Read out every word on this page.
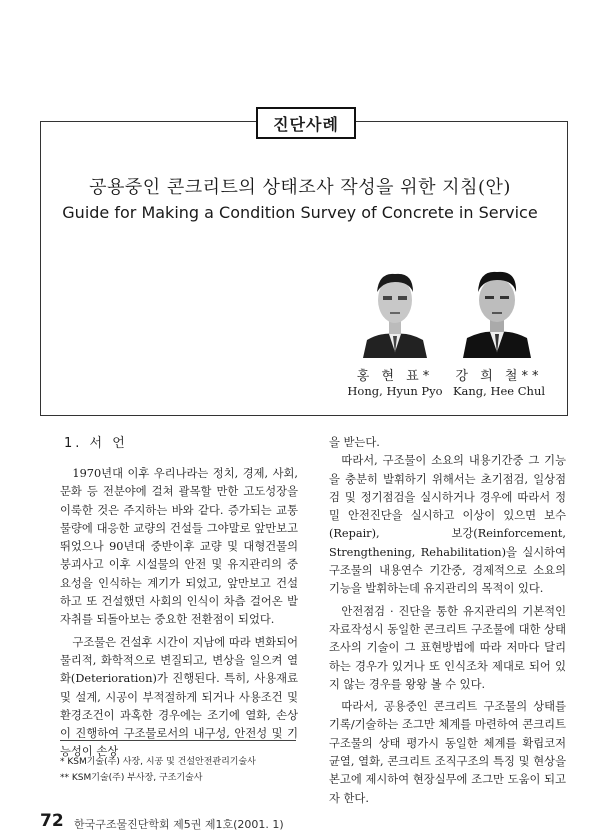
진단사례
공용중인 콘크리트의 상태조사 작성을 위한 지침(안)
Guide for Making a Condition Survey of Concrete in Service
홍 현 표*
Hong, Hyun Pyo
강 희 철**
Kang, Hee Chul
1. 서 언

1970년대 이후 우리나라는 정치, 경제, 사회, 문화 등 전분야에 걸쳐 괄목할 만한 고도성장을 이룩한 것은 주지하는 바와 같다. 증가되는 교통물량에 대응한 교량의 건설들 그야말로 앞만보고 뛰었으나 90년대 중반이후 교량 및 대형건물의 붕괴사고 이후 시설물의 안전 및 유지관리의 중요성을 인식하는 계기가 되었고, 앞만보고 건설하고 또 건설했던 사회의 인식이 차츰 걸어온 발자취를 되돌아보는 중요한 전환점이 되었다.

구조물은 건설후 시간이 지남에 따라 변화되어 물리적, 화학적으로 변질되고, 변상을 일으켜 열화(Deterioration)가 진행된다. 특히, 사용재료 및 설계, 시공이 부적절하게 되거나 사용조건 및 환경조건이 과혹한 경우에는 조기에 열화, 손상이 진행하여 구조물로서의 내구성, 안전성 및 기능성이 손상

을 받는다.

따라서, 구조물이 소요의 내용기간중 그 기능을 충분히 발휘하기 위해서는 초기점검, 일상점검 및 정기점검을 실시하거나 경우에 따라서 정밀 안전진단을 실시하고 이상이 있으면 보수(Repair), 보강(Reinforcement, Strengthening, Rehabilitation)을 실시하여 구조물의 내용연수 기간중, 경제적으로 소요의 기능을 발휘하는데 유지관리의 목적이 있다.

안전점검 · 진단을 통한 유지관리의 기본적인 자료작성시 동일한 콘크리트 구조물에 대한 상태조사의 기술이 그 표현방법에 따라 저마다 달리하는 경우가 있거나 또 인식조차 제대로 되어 있지 않는 경우를 왕왕 볼 수 있다.

따라서, 공용중인 콘크리트 구조물의 상태를 기록/기술하는 조그만 체계를 마련하여 콘크리트 구조물의 상태 평가시 동일한 체계를 확립코저 균열, 열화, 콘크리트 조직구조의 특징 및 현상을 본고에 제시하여 현장실무에 조그만 도움이 되고자 한다.

* KSM기술(주) 사장, 시공 및 건설안전관리기술사
** KSM기술(주) 부사장, 구조기술사
72 한국구조물진단학회 제5권 제1호(2001. 1)
